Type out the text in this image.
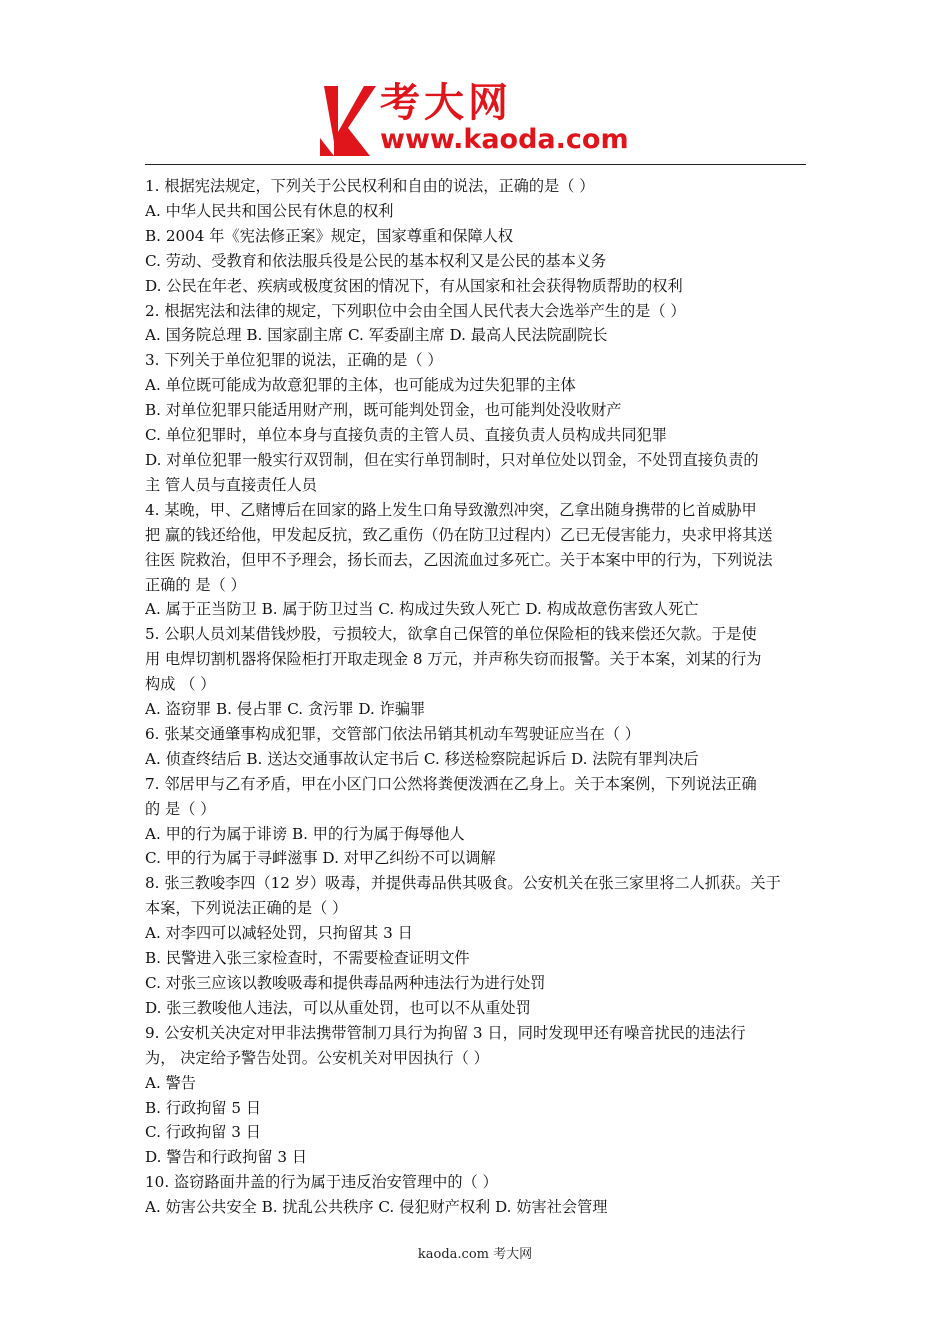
考大网
www.kaoda.com
1. 根据宪法规定，下列关于公民权利和自由的说法，正确的是（ ）
A. 中华人民共和国公民有休息的权利
B. 2004 年《宪法修正案》规定，国家尊重和保障人权
C. 劳动、受教育和依法服兵役是公民的基本权利又是公民的基本义务
D. 公民在年老、疾病或极度贫困的情况下，有从国家和社会获得物质帮助的权利
2. 根据宪法和法律的规定，下列职位中会由全国人民代表大会选举产生的是（ ）
A. 国务院总理 B. 国家副主席 C. 军委副主席 D. 最高人民法院副院长
3. 下列关于单位犯罪的说法，正确的是（ ）
A. 单位既可能成为故意犯罪的主体，也可能成为过失犯罪的主体
B. 对单位犯罪只能适用财产刑，既可能判处罚金，也可能判处没收财产
C. 单位犯罪时，单位本身与直接负责的主管人员、直接负责人员构成共同犯罪
D. 对单位犯罪一般实行双罚制，但在实行单罚制时，只对单位处以罚金，不处罚直接负责的
主 管人员与直接责任人员
4. 某晚，甲、乙赌博后在回家的路上发生口角导致激烈冲突，乙拿出随身携带的匕首威胁甲
把 赢的钱还给他，甲发起反抗，致乙重伤（仍在防卫过程内）乙已无侵害能力，央求甲将其送
往医 院救治，但甲不予理会，扬长而去，乙因流血过多死亡。关于本案中甲的行为，下列说法
正确的 是（ ）
A. 属于正当防卫 B. 属于防卫过当 C. 构成过失致人死亡 D. 构成故意伤害致人死亡
5. 公职人员刘某借钱炒股，亏损较大，欲拿自己保管的单位保险柜的钱来偿还欠款。于是使
用 电焊切割机器将保险柜打开取走现金 8 万元，并声称失窃而报警。关于本案，刘某的行为
构成 （ ）
A. 盗窃罪 B. 侵占罪 C. 贪污罪 D. 诈骗罪
6. 张某交通肇事构成犯罪，交管部门依法吊销其机动车驾驶证应当在（ ）
A. 侦查终结后 B. 送达交通事故认定书后 C. 移送检察院起诉后 D. 法院有罪判决后
7. 邻居甲与乙有矛盾，甲在小区门口公然将粪便泼洒在乙身上。关于本案例，下列说法正确
的 是（ ）
A. 甲的行为属于诽谤 B. 甲的行为属于侮辱他人
C. 甲的行为属于寻衅滋事 D. 对甲乙纠纷不可以调解
8. 张三教唆李四（12 岁）吸毒，并提供毒品供其吸食。公安机关在张三家里将二人抓获。关于
本案，下列说法正确的是（ ）
A. 对李四可以减轻处罚，只拘留其 3 日
B. 民警进入张三家检查时，不需要检查证明文件
C. 对张三应该以教唆吸毒和提供毒品两种违法行为进行处罚
D. 张三教唆他人违法，可以从重处罚，也可以不从重处罚
9. 公安机关决定对甲非法携带管制刀具行为拘留 3 日，同时发现甲还有噪音扰民的违法行
为， 决定给予警告处罚。公安机关对甲因执行（ ）
A. 警告
B. 行政拘留 5 日
C. 行政拘留 3 日
D. 警告和行政拘留 3 日
10. 盗窃路面井盖的行为属于违反治安管理中的（ ）
A. 妨害公共安全 B. 扰乱公共秩序 C. 侵犯财产权利 D. 妨害社会管理
kaoda.com 考大网
